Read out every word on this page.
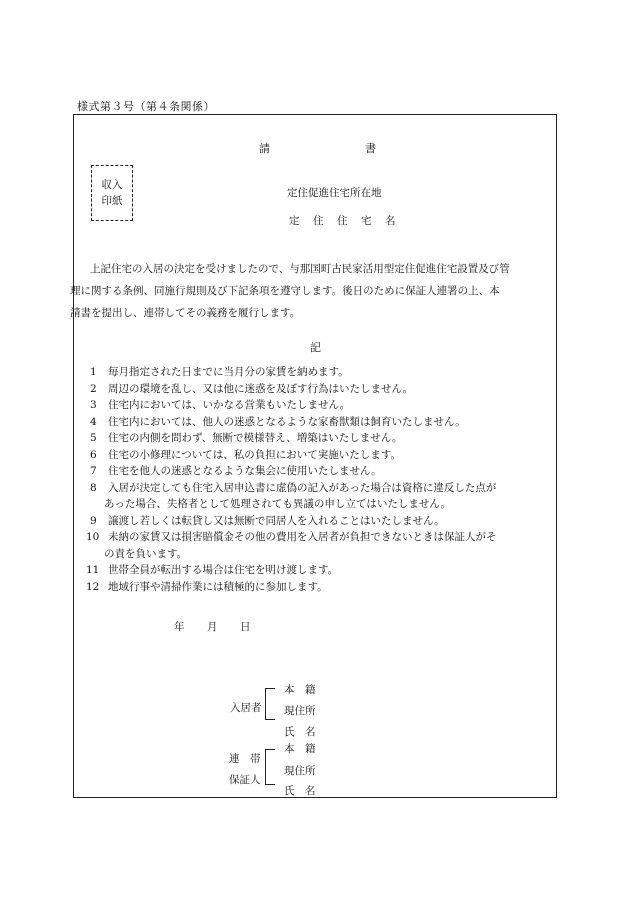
様式第３号（第４条関係）
請	書
収入
印紙
定住促進住宅所在地
定 住 住 宅 名
上記住宅の入居の決定を受けましたので、与那国町古民家活用型定住促進住宅設置及び管
理に関する条例、同施行規則及び下記条項を遵守します。後日のために保証人連署の上、本
請書を提出し、連帯してその義務を履行します。
記
1	毎月指定された日までに当月分の家賃を納めます。
2	周辺の環境を乱し、又は他に迷惑を及ぼす行為はいたしません。
3	住宅内においては、いかなる営業もいたしません。
4	住宅内においては、他人の迷惑となるような家畜獣類は飼育いたしません。
5	住宅の内側を問わず、無断で模様替え、増築はいたしません。
6	住宅の小修理については、私の負担において実施いたします。
7	住宅を他人の迷惑となるような集会に使用いたしません。
8	入居が決定しても住宅入居申込書に虚偽の記入があった場合は資格に違反した点が
あった場合、失格者として処理されても異議の申し立てはいたしません。
9	譲渡し若しくは転貸し又は無断で同居人を入れることはいたしません。
10 未納の家賃又は損害賠償金その他の費用を入居者が負担できないときは保証人がそ
の責を負います。
11 世帯全員が転出する場合は住宅を明け渡します。
12 地域行事や清掃作業には積極的に参加します。
年 月 日
入居者
本　籍
現住所
氏　名
連　帯
保証人
本　籍
現住所
氏　名
